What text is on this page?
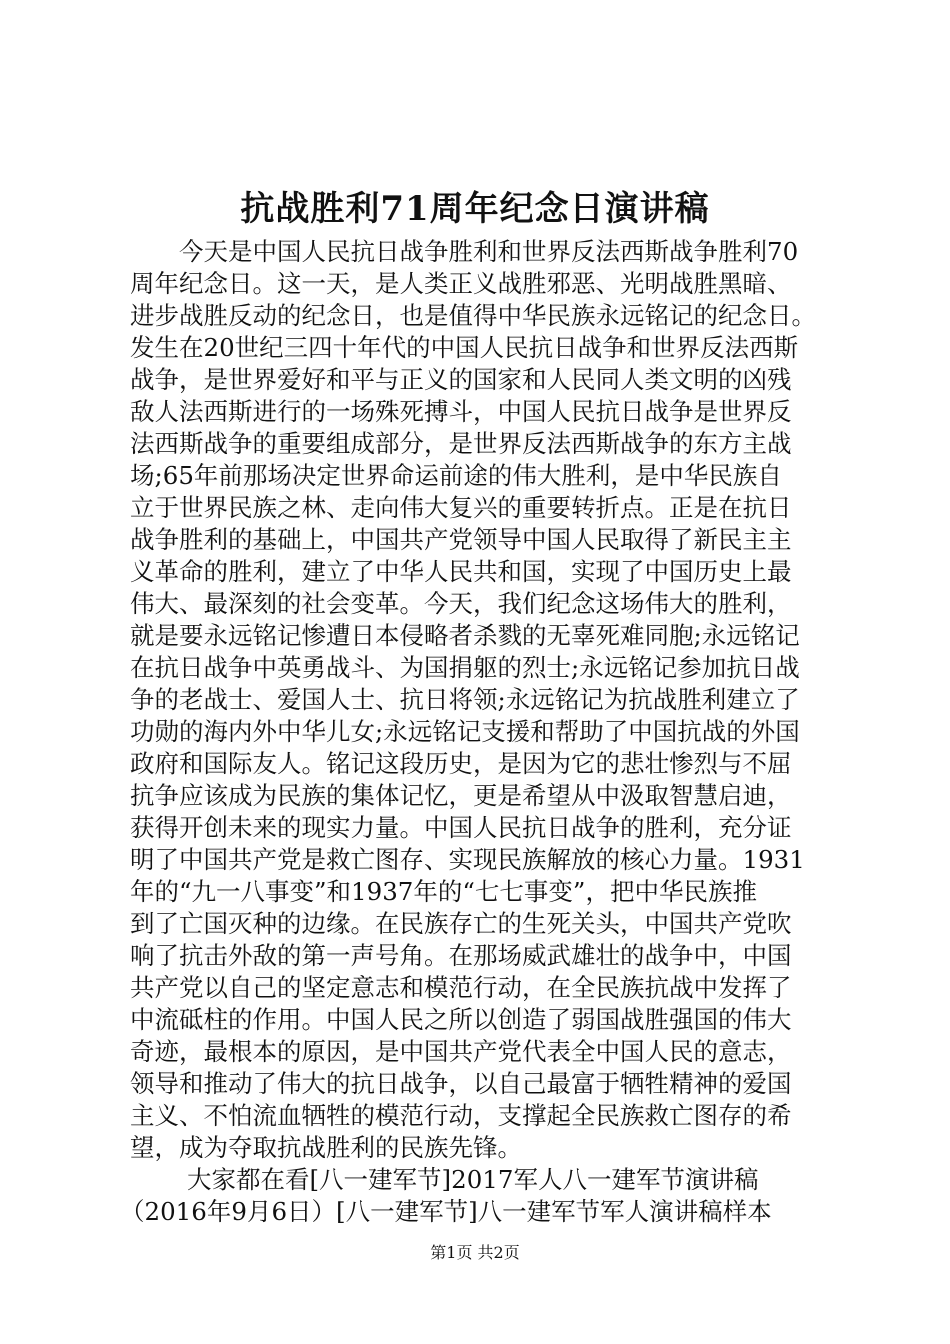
抗战胜利71周年纪念日演讲稿
今天是中国人民抗日战争胜利和世界反法西斯战争胜利70
周年纪念日。这一天，是人类正义战胜邪恶、光明战胜黑暗、
进步战胜反动的纪念日，也是值得中华民族永远铭记的纪念日。
发生在20世纪三四十年代的中国人民抗日战争和世界反法西斯
战争，是世界爱好和平与正义的国家和人民同人类文明的凶残
敌人法西斯进行的一场殊死搏斗，中国人民抗日战争是世界反
法西斯战争的重要组成部分，是世界反法西斯战争的东方主战
场;65年前那场决定世界命运前途的伟大胜利，是中华民族自
立于世界民族之林、走向伟大复兴的重要转折点。正是在抗日
战争胜利的基础上，中国共产党领导中国人民取得了新民主主
义革命的胜利，建立了中华人民共和国，实现了中国历史上最
伟大、最深刻的社会变革。今天，我们纪念这场伟大的胜利，
就是要永远铭记惨遭日本侵略者杀戮的无辜死难同胞;永远铭记
在抗日战争中英勇战斗、为国捐躯的烈士;永远铭记参加抗日战
争的老战士、爱国人士、抗日将领;永远铭记为抗战胜利建立了
功勋的海内外中华儿女;永远铭记支援和帮助了中国抗战的外国
政府和国际友人。铭记这段历史，是因为它的悲壮惨烈与不屈
抗争应该成为民族的集体记忆，更是希望从中汲取智慧启迪，
获得开创未来的现实力量。中国人民抗日战争的胜利，充分证
明了中国共产党是救亡图存、实现民族解放的核心力量。1931
年的“九一八事变”和1937年的“七七事变”，把中华民族推
到了亡国灭种的边缘。在民族存亡的生死关头，中国共产党吹
响了抗击外敌的第一声号角。在那场威武雄壮的战争中，中国
共产党以自己的坚定意志和模范行动，在全民族抗战中发挥了
中流砥柱的作用。中国人民之所以创造了弱国战胜强国的伟大
奇迹，最根本的原因，是中国共产党代表全中国人民的意志，
领导和推动了伟大的抗日战争，以自己最富于牺牲精神的爱国
主义、不怕流血牺牲的模范行动，支撑起全民族救亡图存的希
望，成为夺取抗战胜利的民族先锋。
大家都在看[八一建军节]2017军人八一建军节演讲稿
（2016年9月6日）[八一建军节]八一建军节军人演讲稿样本
第1页 共2页
